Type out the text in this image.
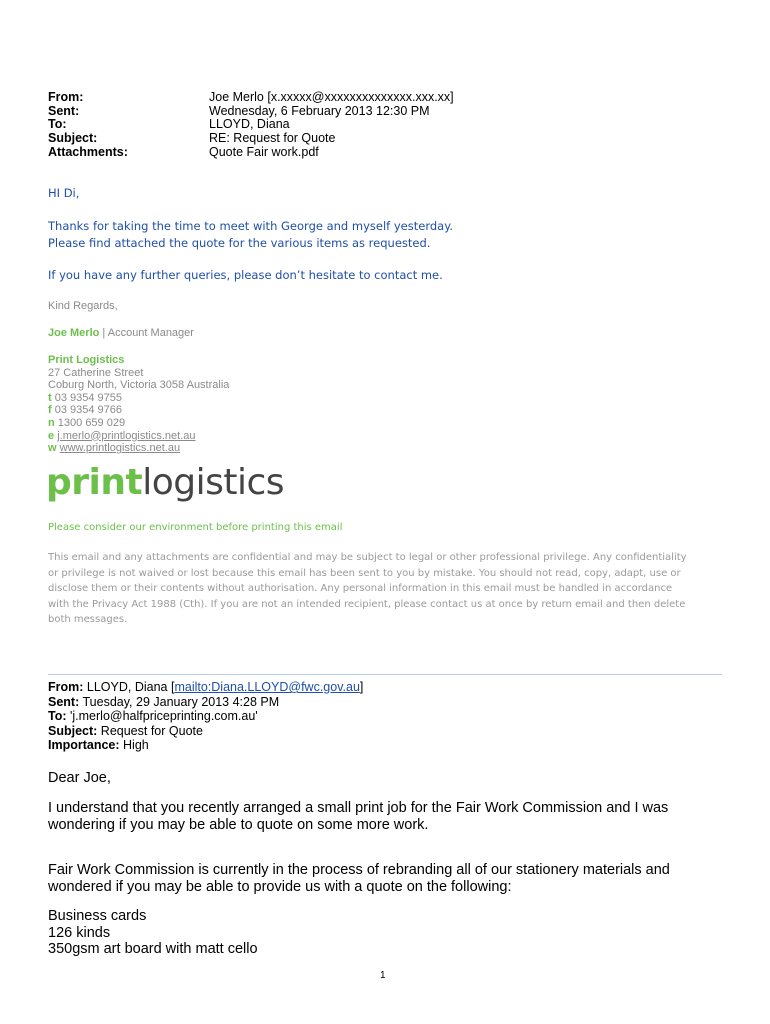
From:	Joe Merlo [x.xxxxx@xxxxxxxxxxxxxx.xxx.xx]
Sent:	Wednesday, 6 February 2013 12:30 PM
To:	LLOYD, Diana
Subject:	RE: Request for Quote
Attachments:	Quote Fair work.pdf
HI Di,
Thanks for taking the time to meet with George and myself yesterday.
Please find attached the quote for the various items as requested.
If you have any further queries, please don’t hesitate to contact me.
Kind Regards,
Joe Merlo | Account Manager
Print Logistics
27 Catherine Street
Coburg North, Victoria 3058 Australia
t 03 9354 9755
f 03 9354 9766
n 1300 659 029
e j.merlo@printlogistics.net.au
w www.printlogistics.net.au
printlogistics
Please consider our environment before printing this email
This email and any attachments are confidential and may be subject to legal or other professional privilege. Any confidentiality
or privilege is not waived or lost because this email has been sent to you by mistake. You should not read, copy, adapt, use or
disclose them or their contents without authorisation. Any personal information in this email must be handled in accordance
with the Privacy Act 1988 (Cth). If you are not an intended recipient, please contact us at once by return email and then delete
both messages.
From: LLOYD, Diana [mailto:Diana.LLOYD@fwc.gov.au]
Sent: Tuesday, 29 January 2013 4:28 PM
To: 'j.merlo@halfpriceprinting.com.au'
Subject: Request for Quote
Importance: High
Dear Joe,
I understand that you recently arranged a small print job for the Fair Work Commission and I was
wondering if you may be able to quote on some more work.
Fair Work Commission is currently in the process of rebranding all of our stationery materials and
wondered if you may be able to provide us with a quote on the following:
Business cards
126 kinds
350gsm art board with matt cello
1
